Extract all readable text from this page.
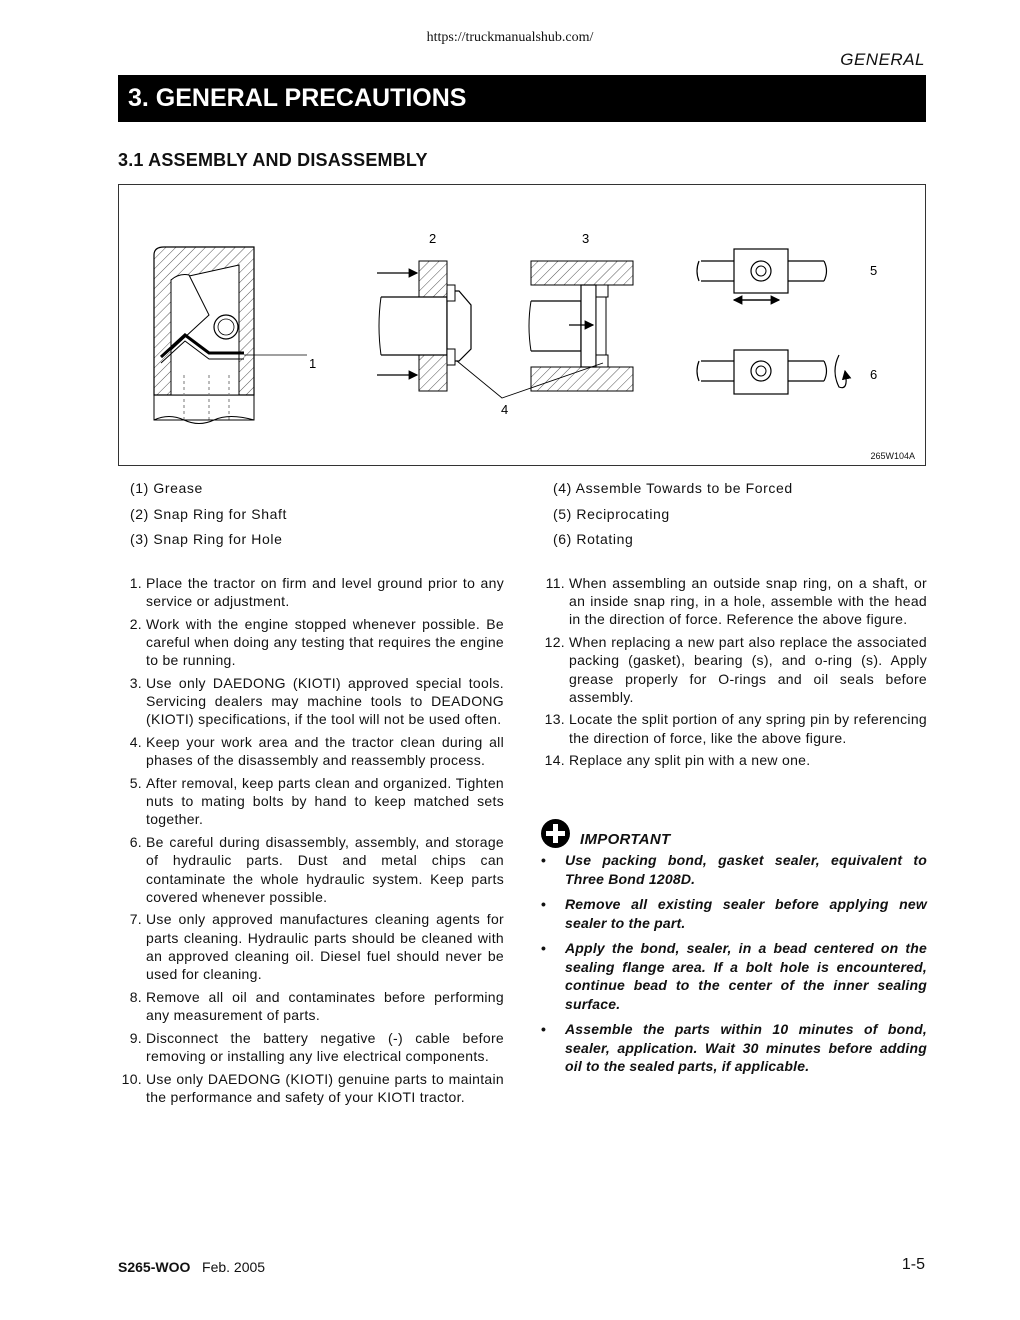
https://truckmanualshub.com/
GENERAL
3. GENERAL PRECAUTIONS
3.1 ASSEMBLY AND DISASSEMBLY
1
2	3
4
5
6
265W104A
(1) Grease
(2) Snap Ring for Shaft
(3) Snap Ring for Hole
(4) Assemble Towards to be Forced
(5) Reciprocating
(6) Rotating
1. Place the tractor on firm and level ground prior to any service or adjustment.
2. Work with the engine stopped whenever possible. Be careful when doing any testing that requires the engine to be running.
3. Use only DAEDONG (KIOTI) approved special tools. Servicing dealers may machine tools to DEADONG (KIOTI) specifications, if the tool will not be used often.
4. Keep your work area and the tractor clean during all phases of the disassembly and reassembly process.
5. After removal, keep parts clean and organized. Tighten nuts to mating bolts by hand to keep matched sets together.
6. Be careful during disassembly, assembly, and storage of hydraulic parts. Dust and metal chips can contaminate the whole hydraulic system. Keep parts covered whenever possible.
7. Use only approved manufactures cleaning agents for parts cleaning. Hydraulic parts should be cleaned with an approved cleaning oil. Diesel fuel should never be used for cleaning.
8. Remove all oil and contaminates before performing any measurement of parts.
9. Disconnect the battery negative (-) cable before removing or installing any live electrical components.
10. Use only DAEDONG (KIOTI) genuine parts to maintain the performance and safety of your KIOTI tractor.
11. When assembling an outside snap ring, on a shaft, or an inside snap ring, in a hole, assemble with the head in the direction of force. Reference the above figure.
12. When replacing a new part also replace the associated packing (gasket), bearing (s), and o-ring (s). Apply grease properly for O-rings and oil seals before assembly.
13. Locate the split portion of any spring pin by referencing the direction of force, like the above figure.
14. Replace any split pin with a new one.
IMPORTANT
•	Use packing bond, gasket sealer, equivalent to Three Bond 1208D.
•	Remove all existing sealer before applying new sealer to the part.
•	Apply the bond, sealer, in a bead centered on the sealing flange area. If a bolt hole is encountered, continue bead to the center of the inner sealing surface.
•	Assemble the parts within 10 minutes of bond, sealer, application. Wait 30 minutes before adding oil to the sealed parts, if applicable.
S265-WOO Feb. 2005	1-5
